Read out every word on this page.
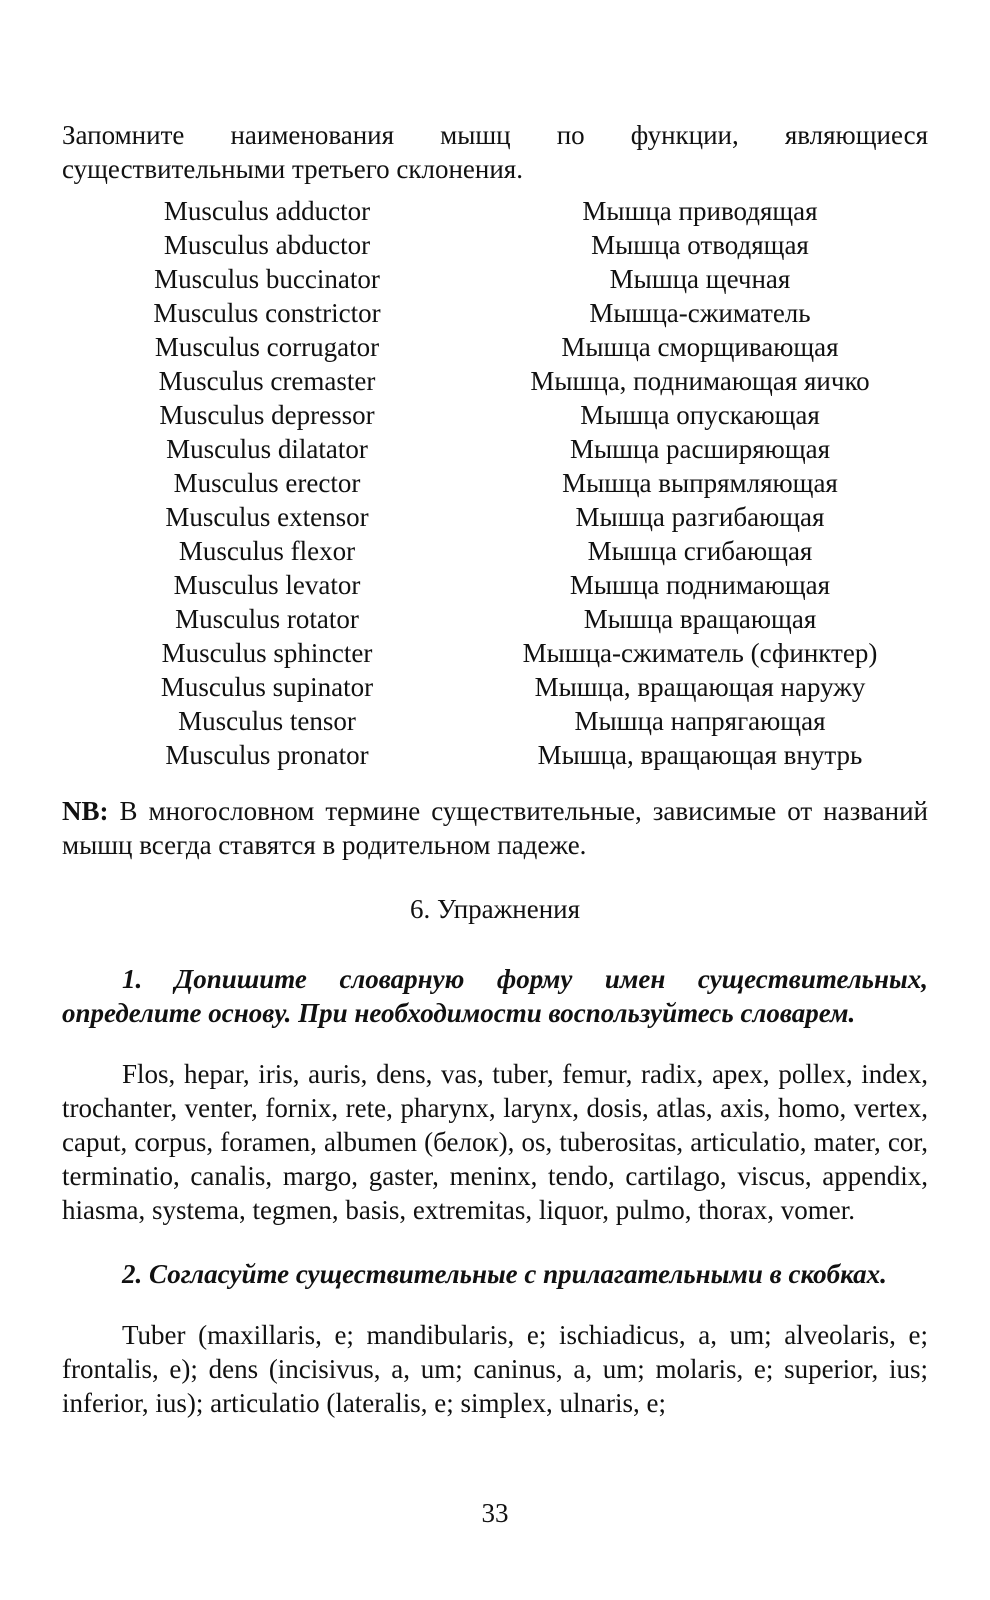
Запомните наименования мышц по функции, являющиеся существительными третьего склонения.

Musculus adductor
Musculus abductor
Musculus buccinator
Musculus constrictor
Musculus corrugator
Musculus cremaster
Musculus depressor
Musculus dilatator
Musculus erector
Musculus extensor
Musculus flexor
Musculus levator
Musculus rotator
Musculus sphincter
Musculus supinator
Musculus tensor
Musculus pronator
Мышца приводящая
Мышца отводящая
Мышца щечная
Мышца-сжиматель
Мышца сморщивающая
Мышца, поднимающая яичко
Мышца опускающая
Мышца расширяющая
Мышца выпрямляющая
Мышца разгибающая
Мышца сгибающая
Мышца поднимающая
Мышца вращающая
Мышца-сжиматель (сфинктер)
Мышца, вращающая наружу
Мышца напрягающая
Мышца, вращающая внутрь

NB: В многословном термине существительные, зависимые от названий мышц всегда ставятся в родительном падеже.

6. Упражнения

1. Допишите словарную форму имен существительных, определите основу. При необходимости воспользуйтесь словарем.

Flos, hepar, iris, auris, dens, vas, tuber, femur, radix, apex, pollex, index, trochanter, venter, fornix, rete, pharynx, larynx, dosis, atlas, axis, homo, vertex, caput, corpus, foramen, albumen (белок), os, tuberositas, articulatio, mater, cor, terminatio, canalis, margo, gaster, meninx, tendo, cartilago, viscus, appendix, hiasma, systema, tegmen, basis, extremitas, liquor, pulmo, thorax, vomer.

2. Согласуйте существительные с прилагательными в скобках.

Tuber (maxillaris, e; mandibularis, e; ischiadicus, a, um; alveolaris, e; frontalis, e); dens (incisivus, a, um; caninus, a, um; molaris, e; superior, ius; inferior, ius); articulatio (lateralis, e; simplex, ulnaris, e;

33
